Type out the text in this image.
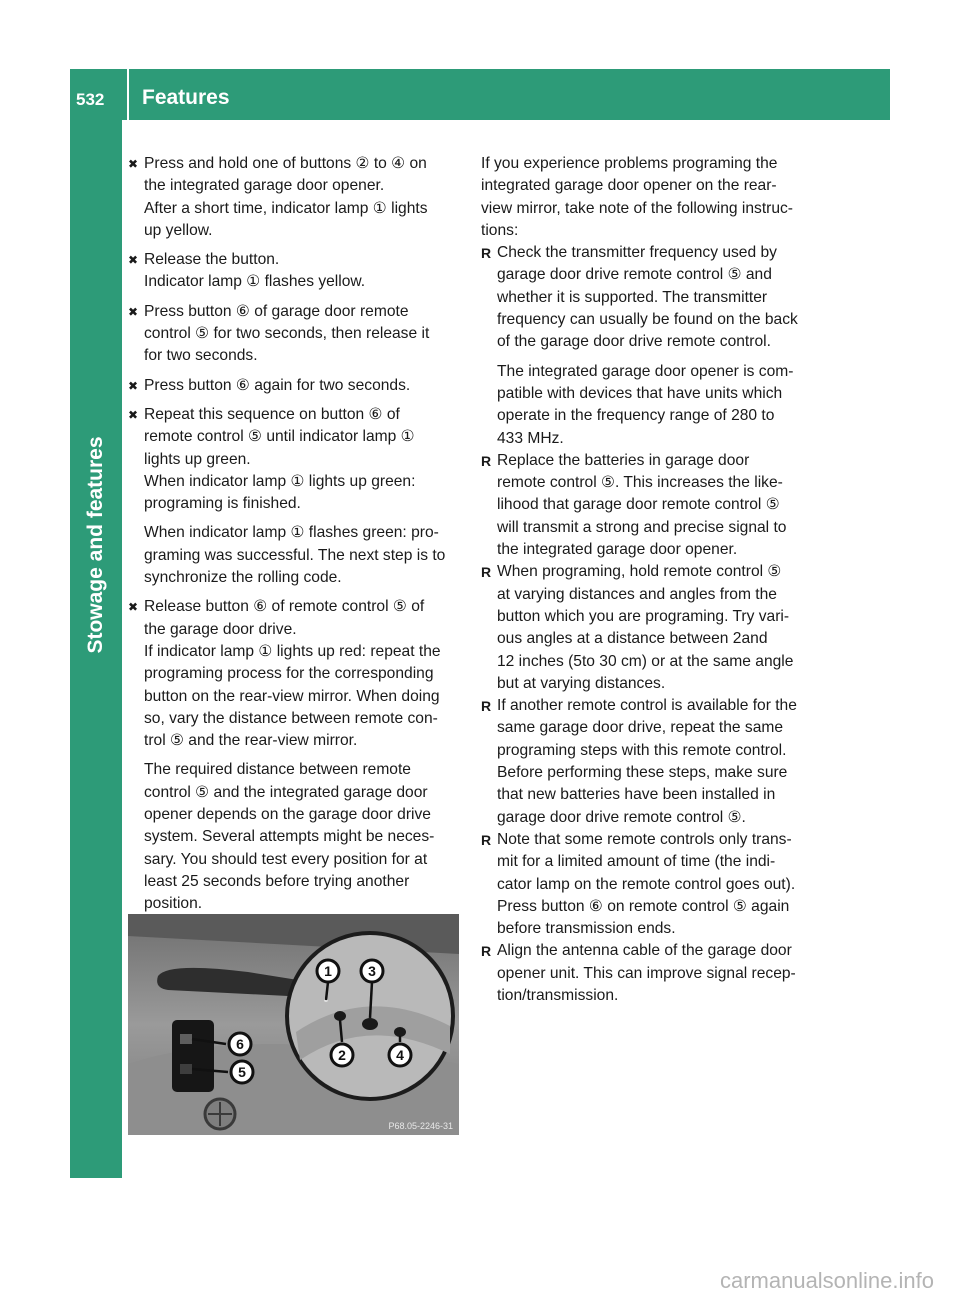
532 Features
Stowage and features
✖ Press and hold one of buttons ② to ④ on
the integrated garage door opener.
After a short time, indicator lamp ① lights
up yellow.
✖ Release the button.
Indicator lamp ① flashes yellow.
✖ Press button ⑥ of garage door remote
control ⑤ for two seconds, then release it
for two seconds.
✖ Press button ⑥ again for two seconds.
✖ Repeat this sequence on button ⑥ of
remote control ⑤ until indicator lamp ①
lights up green.
When indicator lamp ① lights up green:
programing is finished.
When indicator lamp ① flashes green: pro-
graming was successful. The next step is to
synchronize the rolling code.
✖ Release button ⑥ of remote control ⑤ of
the garage door drive.
If indicator lamp ① lights up red: repeat the
programing process for the corresponding
button on the rear-view mirror. When doing
so, vary the distance between remote con-
trol ⑤ and the rear-view mirror.
The required distance between remote
control ⑤ and the integrated garage door
opener depends on the garage door drive
system. Several attempts might be neces-
sary. You should test every position for at
least 25 seconds before trying another
position.
1	3
2	4
6
5
P68.05-2246-31
If you experience problems programing the
integrated garage door opener on the rear-
view mirror, take note of the following instruc-
tions:
R Check the transmitter frequency used by
garage door drive remote control ⑤ and
whether it is supported. The transmitter
frequency can usually be found on the back
of the garage door drive remote control.
The integrated garage door opener is com-
patible with devices that have units which
operate in the frequency range of 280 to
433 MHz.
R Replace the batteries in garage door
remote control ⑤. This increases the like-
lihood that garage door remote control ⑤
will transmit a strong and precise signal to
the integrated garage door opener.
R When programing, hold remote control ⑤
at varying distances and angles from the
button which you are programing. Try vari-
ous angles at a distance between 2and
12 inches (5to 30 cm) or at the same angle
but at varying distances.
R If another remote control is available for the
same garage door drive, repeat the same
programing steps with this remote control.
Before performing these steps, make sure
that new batteries have been installed in
garage door drive remote control ⑤.
R Note that some remote controls only trans-
mit for a limited amount of time (the indi-
cator lamp on the remote control goes out).
Press button ⑥ on remote control ⑤ again
before transmission ends.
R Align the antenna cable of the garage door
opener unit. This can improve signal recep-
tion/transmission.
carmanualsonline.info
